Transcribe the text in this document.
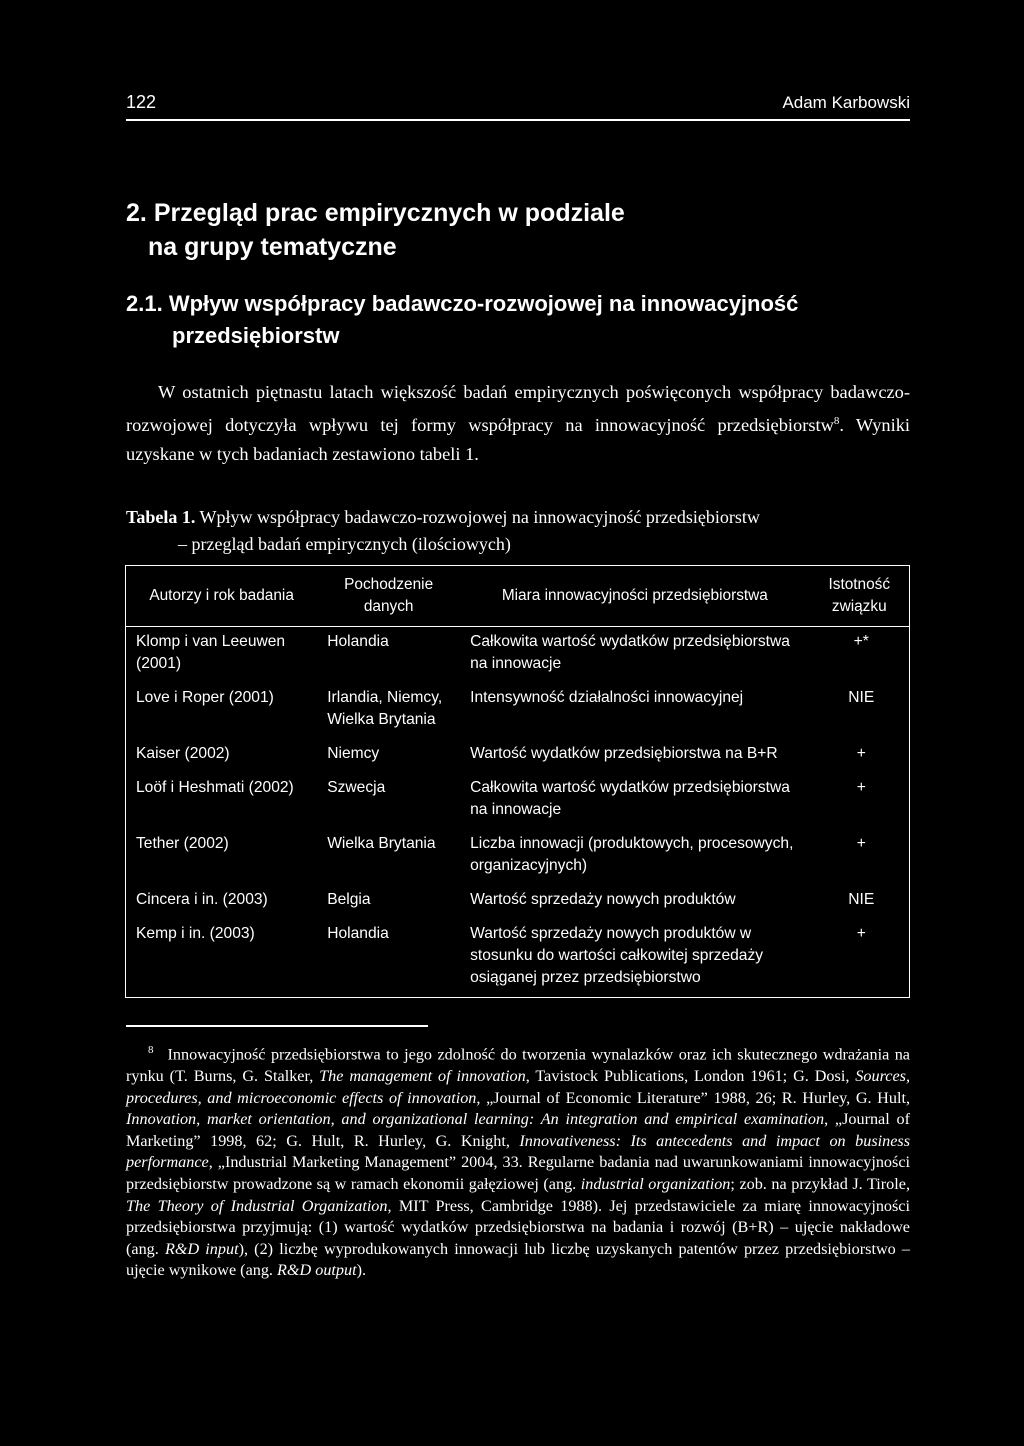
122	Adam Karbowski
2. Przegląd prac empirycznych w podziale
na grupy tematyczne
2.1. Wpływ współpracy badawczo-rozwojowej na innowacyjność
przedsiębiorstw
W ostatnich piętnastu latach większość badań empirycznych poświęconych współpracy badawczo-rozwojowej dotyczyła wpływu tej formy współpracy na innowacyjność przedsiębiorstw$^8$. Wyniki uzyskane w tych badaniach zestawiono tabeli 1.
Tabela 1. Wpływ współpracy badawczo-rozwojowej na innowacyjność przedsiębiorstw
– przegląd badań empirycznych (ilościowych)
Autorzy i rok badania	Pochodzenie danych	Miara innowacyjności przedsiębiorstwa	Istotność związku
Klomp i van Leeuwen (2001)	Holandia	Całkowita wartość wydatków przedsiębiorstwa na innowacje	+*
Love i Roper (2001)	Irlandia, Niemcy, Wielka Brytania	Intensywność działalności innowacyjnej	NIE
Kaiser (2002)	Niemcy	Wartość wydatków przedsiębiorstwa na B+R	+
Loöf i Heshmati (2002)	Szwecja	Całkowita wartość wydatków przedsiębiorstwa na innowacje	+
Tether (2002)	Wielka Brytania	Liczba innowacji (produktowych, procesowych, organizacyjnych)	+
Cincera i in. (2003)	Belgia	Wartość sprzedaży nowych produktów	NIE
Kemp i in. (2003)	Holandia	Wartość sprzedaży nowych produktów w stosunku do wartości całkowitej sprzedaży osiąganej przez przedsiębiorstwo	+
$^8$ Innowacyjność przedsiębiorstwa to jego zdolność do tworzenia wynalazków oraz ich skutecznego wdrażania na rynku (T. Burns, G. Stalker, The management of innovation, Tavistock Publications, London 1961; G. Dosi, Sources, procedures, and microeconomic effects of innovation, „Journal of Economic Literature” 1988, 26; R. Hurley, G. Hult, Innovation, market orientation, and organizational learning: An integration and empirical examination, „Journal of Marketing” 1998, 62; G. Hult, R. Hurley, G. Knight, Innovativeness: Its antecedents and impact on business performance, „Industrial Marketing Management” 2004, 33. Regularne badania nad uwarunkowaniami innowacyjności przedsiębiorstw prowadzone są w ramach ekonomii gałęziowej (ang. industrial organization; zob. na przykład J. Tirole, The Theory of Industrial Organization, MIT Press, Cambridge 1988). Jej przedstawiciele za miarę innowacyjności przedsiębiorstwa przyjmują: (1) wartość wydatków przedsiębiorstwa na badania i rozwój (B+R) – ujęcie nakładowe (ang. R&D input), (2) liczbę wyprodukowanych innowacji lub liczbę uzyskanych patentów przez przedsiębiorstwo – ujęcie wynikowe (ang. R&D output).
